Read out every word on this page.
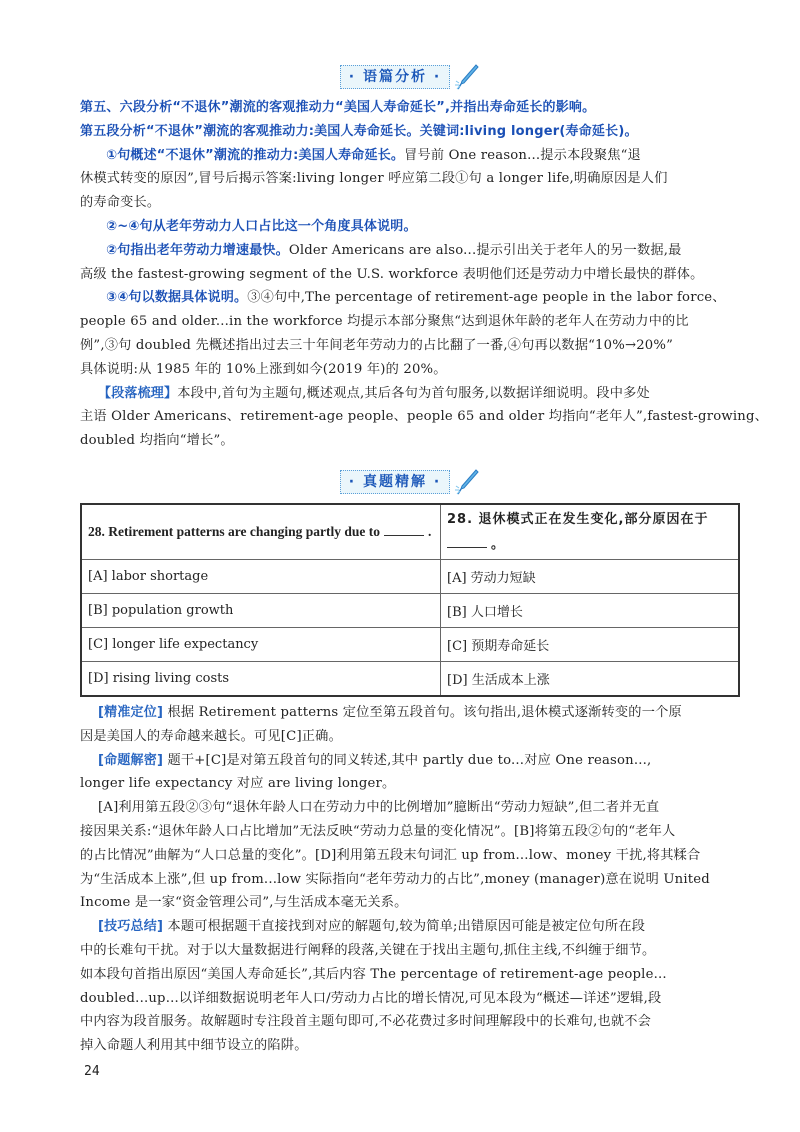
· 语篇分析 ·
第五、六段分析“不退休”潮流的客观推动力“美国人寿命延长”,并指出寿命延长的影响。
第五段分析“不退休”潮流的客观推动力:美国人寿命延长。关键词:living longer(寿命延长)。
①句概述“不退休”潮流的推动力:美国人寿命延长。冒号前 One reason...提示本段聚焦“退
休模式转变的原因”,冒号后揭示答案:living longer 呼应第二段①句 a longer life,明确原因是人们
的寿命变长。
②~④句从老年劳动力人口占比这一个角度具体说明。
②句指出老年劳动力增速最快。Older Americans are also...提示引出关于老年人的另一数据,最
高级 the fastest-growing segment of the U.S. workforce 表明他们还是劳动力中增长最快的群体。
③④句以数据具体说明。③④句中,The percentage of retirement-age people in the labor force、
people 65 and older...in the workforce 均提示本部分聚焦“达到退休年龄的老年人在劳动力中的比
例”,③句 doubled 先概述指出过去三十年间老年劳动力的占比翻了一番,④句再以数据“10%→20%”
具体说明:从 1985 年的 10%上涨到如今(2019 年)的 20%。
【段落梳理】本段中,首句为主题句,概述观点,其后各句为首句服务,以数据详细说明。段中多处
主语 Older Americans、retirement-age people、people 65 and older 均指向“老年人”,fastest-growing、
doubled 均指向“增长”。
· 真题精解 ·
28. Retirement patterns are changing partly due to .	28. 退休模式正在发生变化,部分原因在于
。

[A] labor shortage	[A] 劳动力短缺
[B] population growth	[B] 人口增长
[C] longer life expectancy	[C] 预期寿命延长
[D] rising living costs	[D] 生活成本上涨
[精准定位] 根据 Retirement patterns 定位至第五段首句。该句指出,退休模式逐渐转变的一个原
因是美国人的寿命越来越长。可见[C]正确。
[命题解密] 题干+[C]是对第五段首句的同义转述,其中 partly due to...对应 One reason...,
longer life expectancy 对应 are living longer。
[A]利用第五段②③句“退休年龄人口在劳动力中的比例增加”臆断出“劳动力短缺”,但二者并无直
接因果关系:“退休年龄人口占比增加”无法反映“劳动力总量的变化情况”。[B]将第五段②句的“老年人
的占比情况”曲解为“人口总量的变化”。[D]利用第五段末句词汇 up from...low、money 干扰,将其糅合
为“生活成本上涨”,但 up from...low 实际指向“老年劳动力的占比”,money (manager)意在说明 United
Income 是一家“资金管理公司”,与生活成本毫无关系。
[技巧总结] 本题可根据题干直接找到对应的解题句,较为简单;出错原因可能是被定位句所在段
中的长难句干扰。对于以大量数据进行阐释的段落,关键在于找出主题句,抓住主线,不纠缠于细节。
如本段句首指出原因“美国人寿命延长”,其后内容 The percentage of retirement-age people...
doubled...up...以详细数据说明老年人口/劳动力占比的增长情况,可见本段为“概述—详述”逻辑,段
中内容为段首服务。故解题时专注段首主题句即可,不必花费过多时间理解段中的长难句,也就不会
掉入命题人利用其中细节设立的陷阱。
24
